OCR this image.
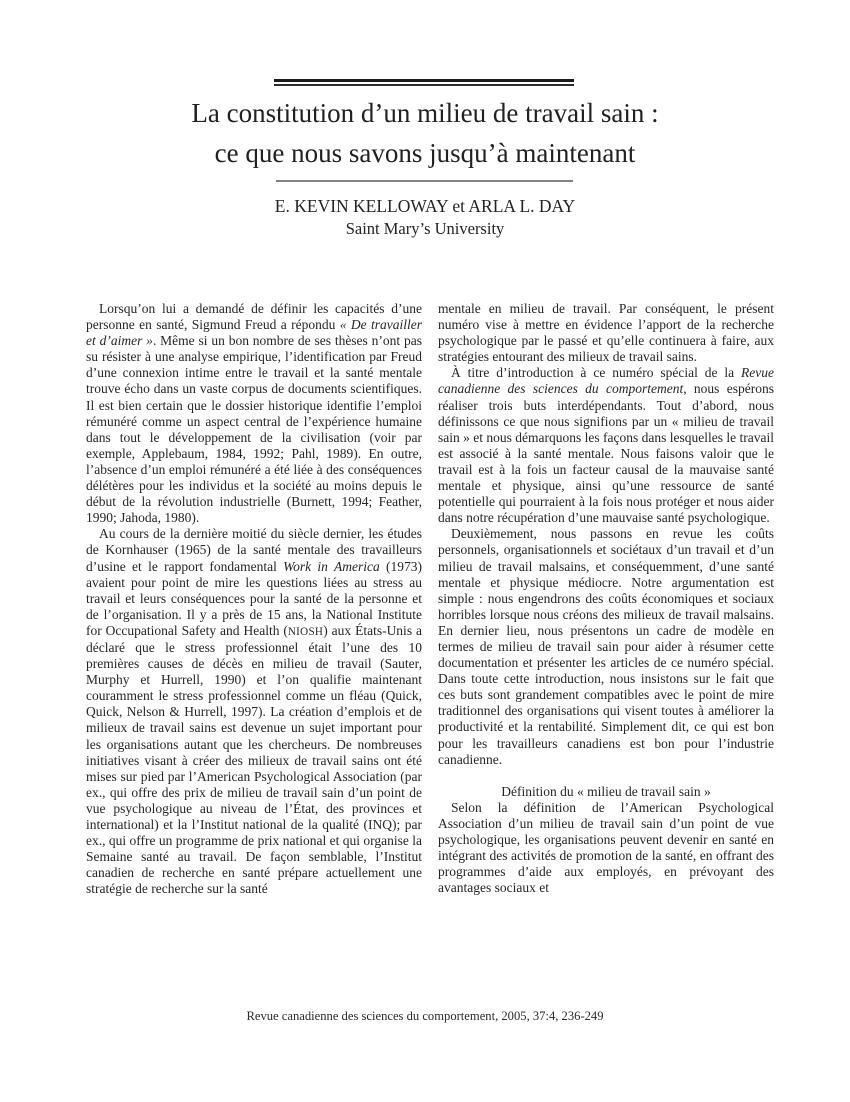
La constitution d’un milieu de travail sain :
ce que nous savons jusqu’à maintenant
E. KEVIN KELLOWAY et ARLA L. DAY
Saint Mary’s University

Lorsqu’on lui a demandé de définir les capacités d’une personne en santé, Sigmund Freud a répondu « De travailler et d’aimer ». Même si un bon nombre de ses thèses n’ont pas su résister à une analyse empirique, l’identification par Freud d’une connexion intime entre le travail et la santé mentale trouve écho dans un vaste corpus de documents scientifiques. Il est bien certain que le dossier historique identifie l’emploi rémunéré comme un aspect central de l’expérience humaine dans tout le développement de la civilisation (voir par exemple, Applebaum, 1984, 1992; Pahl, 1989). En outre, l’absence d’un emploi rémunéré a été liée à des conséquences délétères pour les individus et la société au moins depuis le début de la révolution industrielle (Burnett, 1994; Feather, 1990; Jahoda, 1980).

Au cours de la dernière moitié du siècle dernier, les études de Kornhauser (1965) de la santé mentale des travailleurs d’usine et le rapport fondamental Work in America (1973) avaient pour point de mire les questions liées au stress au travail et leurs conséquences pour la santé de la personne et de l’organisation. Il y a près de 15 ans, la National Institute for Occupational Safety and Health (NIOSH) aux États-Unis a déclaré que le stress professionnel était l’une des 10 premières causes de décès en milieu de travail (Sauter, Murphy et Hurrell, 1990) et l’on qualifie maintenant couramment le stress professionnel comme un fléau (Quick, Quick, Nelson & Hurrell, 1997). La création d’emplois et de milieux de travail sains est devenue un sujet important pour les organisations autant que les chercheurs. De nombreuses initiatives visant à créer des milieux de travail sains ont été mises sur pied par l’American Psychological Association (par ex., qui offre des prix de milieu de travail sain d’un point de vue psychologique au niveau de l’État, des provinces et international) et la l’Institut national de la qualité (INQ); par ex., qui offre un programme de prix national et qui organise la Semaine santé au travail. De façon semblable, l’Institut canadien de recherche en santé prépare actuellement une stratégie de recherche sur la santé

mentale en milieu de travail. Par conséquent, le présent numéro vise à mettre en évidence l’apport de la recherche psychologique par le passé et qu’elle continuera à faire, aux stratégies entourant des milieux de travail sains.

À titre d’introduction à ce numéro spécial de la Revue canadienne des sciences du comportement, nous espérons réaliser trois buts interdépendants. Tout d’abord, nous définissons ce que nous signifions par un « milieu de travail sain » et nous démarquons les façons dans lesquelles le travail est associé à la santé mentale. Nous faisons valoir que le travail est à la fois un facteur causal de la mauvaise santé mentale et physique, ainsi qu’une ressource de santé potentielle qui pourraient à la fois nous protéger et nous aider dans notre récupération d’une mauvaise santé psychologique.

Deuxièmement, nous passons en revue les coûts personnels, organisationnels et sociétaux d’un travail et d’un milieu de travail malsains, et conséquemment, d’une santé mentale et physique médiocre. Notre argumentation est simple : nous engendrons des coûts économiques et sociaux horribles lorsque nous créons des milieux de travail malsains. En dernier lieu, nous présentons un cadre de modèle en termes de milieu de travail sain pour aider à résumer cette documentation et présenter les articles de ce numéro spécial. Dans toute cette introduction, nous insistons sur le fait que ces buts sont grandement compatibles avec le point de mire traditionnel des organisations qui visent toutes à améliorer la productivité et la rentabilité. Simplement dit, ce qui est bon pour les travailleurs canadiens est bon pour l’industrie canadienne.

Définition du « milieu de travail sain »

Selon la définition de l’American Psychological Association d’un milieu de travail sain d’un point de vue psychologique, les organisations peuvent devenir en santé en intégrant des activités de promotion de la santé, en offrant des programmes d’aide aux employés, en prévoyant des avantages sociaux et

Revue canadienne des sciences du comportement, 2005, 37:4, 236-249
